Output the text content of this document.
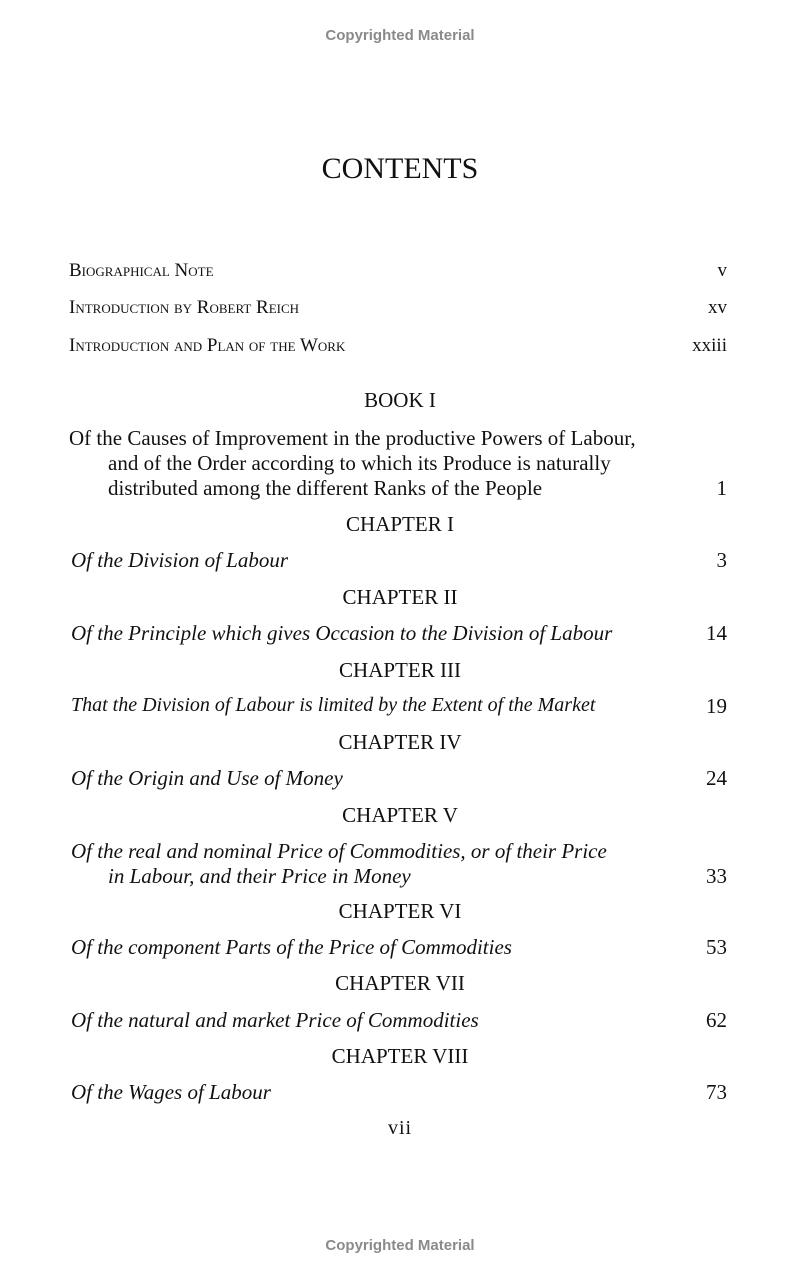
Copyrighted Material
CONTENTS
Biographical Note	v
Introduction by Robert Reich	xv
Introduction and Plan of the Work	xxiii
BOOK I
Of the Causes of Improvement in the productive Powers of Labour,
and of the Order according to which its Produce is naturally
distributed among the different Ranks of the People	1
CHAPTER I
Of the Division of Labour	3
CHAPTER II
Of the Principle which gives Occasion to the Division of Labour	14
CHAPTER III
That the Division of Labour is limited by the Extent of the Market	19
CHAPTER IV
Of the Origin and Use of Money	24
CHAPTER V
Of the real and nominal Price of Commodities, or of their Price
in Labour, and their Price in Money	33
CHAPTER VI
Of the component Parts of the Price of Commodities	53
CHAPTER VII
Of the natural and market Price of Commodities	62
CHAPTER VIII
Of the Wages of Labour	73
vii
Copyrighted Material
